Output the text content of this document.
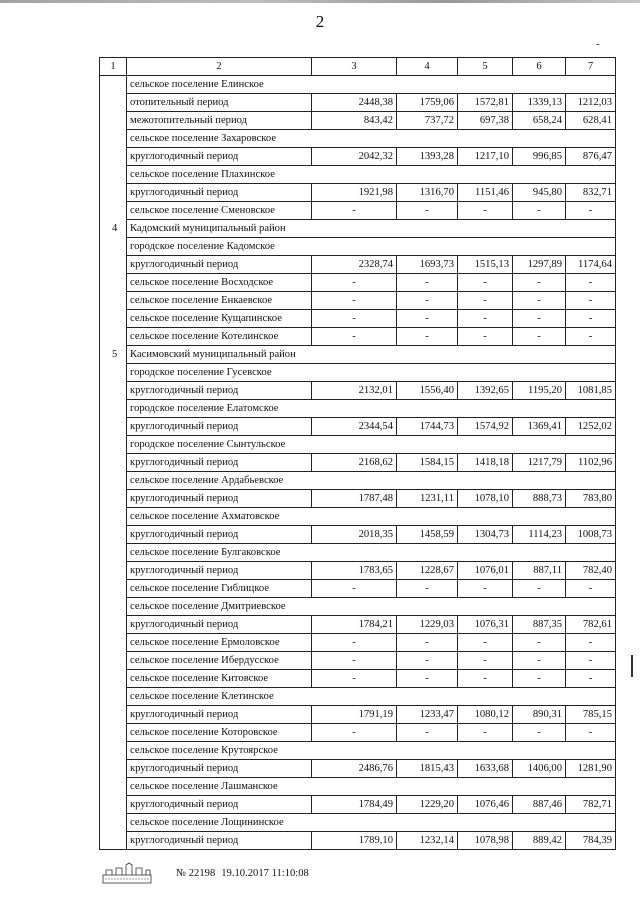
2
-
1	2	3	4	5	6	7
	сельское поселение Елинское					
	отопительный период	2448,38	1759,06	1572,81	1339,13	1212,03
	межотопительный период	843,42	737,72	697,38	658,24	628,41
	сельское поселение Захаровское					
	круглогодичный период	2042,32	1393,28	1217,10	996,85	876,47
	сельское поселение Плахинское					
	круглогодичный период	1921,98	1316,70	1151,46	945,80	832,71
	сельское поселение Сменовское	-	-	-	-	-
4	Кадомский муниципальный район					
	городское поселение Кадомское					
	круглогодичный период	2328,74	1693,73	1515,13	1297,89	1174,64
	сельское поселение Восходское	-	-	-	-	-
	сельское поселение Енкаевское	-	-	-	-	-
	сельское поселение Кущапинское	-	-	-	-	-
	сельское поселение Котелинское	-	-	-	-	-
5	Касимовский муниципальный район					
	городское поселение Гусевское					
	круглогодичный период	2132,01	1556,40	1392,65	1195,20	1081,85
	городское поселение Елатомское					
	круглогодичный период	2344,54	1744,73	1574,92	1369,41	1252,02
	городское поселение Сынтульское					
	круглогодичный период	2168,62	1584,15	1418,18	1217,79	1102,96
	сельское поселение Ардабьевское					
	круглогодичный период	1787,48	1231,11	1078,10	888,73	783,80
	сельское поселение Ахматовское					
	круглогодичный период	2018,35	1458,59	1304,73	1114,23	1008,73
	сельское поселение Булгаковское					
	круглогодичный период	1783,65	1228,67	1076,01	887,11	782,40
	сельское поселение Гиблицкое	-	-	-	-	-
	сельское поселение Дмитриевское					
	круглогодичный период	1784,21	1229,03	1076,31	887,35	782,61
	сельское поселение Ермоловское	-	-	-	-	-
	сельское поселение Ибердусское	-	-	-	-	-
	сельское поселение Китовское	-	-	-	-	-
	сельское поселение Клетинское					
	круглогодичный период	1791,19	1233,47	1080,12	890,31	785,15
	сельское поселение Которовское	-	-	-	-	-
	сельское поселение Крутоярское					
	круглогодичный период	2486,76	1815,43	1633,68	1406,00	1281,90
	сельское поселение Лашманское					
	круглогодичный период	1784,49	1229,20	1076,46	887,46	782,71
	сельское поселение Лощининское					
	круглогодичный период	1789,10	1232,14	1078,98	889,42	784,39
№ 22198 19.10.2017 11:10:08
